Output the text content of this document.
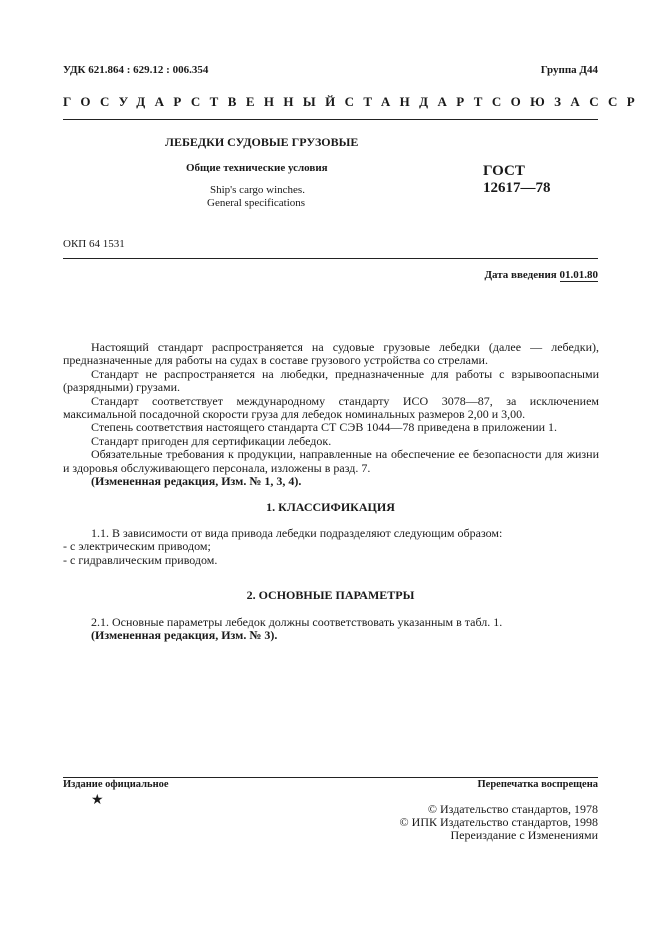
УДК 621.864 : 629.12 : 006.354	Группа Д44
ГОСУДАРСТВЕННЫЙ СТАНДАРТ СОЮЗА ССР
ЛЕБЕДКИ СУДОВЫЕ ГРУЗОВЫЕ
Общие технические условия
Ship's cargo winches.
General specifications
ГОСТ
12617—78
ОКП 64 1531
Дата введения 01.01.80

Настоящий стандарт распространяется на судовые грузовые лебедки (далее — лебедки), предназначенные для работы на судах в составе грузового устройства со стрелами.

Стандарт не распространяется на любедки, предназначенные для работы с взрывоопасными (разрядными) грузами.

Стандарт соответствует международному стандарту ИСО 3078—87, за исключением максимальной посадочной скорости груза для лебедок номинальных размеров 2,00 и 3,00.

Степень соответствия настоящего стандарта СТ СЭВ 1044—78 приведена в приложении 1.

Стандарт пригоден для сертификации лебедок.

Обязательные требования к продукции, направленные на обеспечение ее безопасности для жизни и здоровья обслуживающего персонала, изложены в разд. 7.

(Измененная редакция, Изм. № 1, 3, 4).

1. КЛАССИФИКАЦИЯ

1.1. В зависимости от вида привода лебедки подразделяют следующим образом:

- с электрическим приводом;

- с гидравлическим приводом.

2. ОСНОВНЫЕ ПАРАМЕТРЫ

2.1. Основные параметры лебедок должны соответствовать указанным в табл. 1.

(Измененная редакция, Изм. № 3).

Издание официальное	Перепечатка воспрещена
★
© Издательство стандартов, 1978
© ИПК Издательство стандартов, 1998
Переиздание с Изменениями
